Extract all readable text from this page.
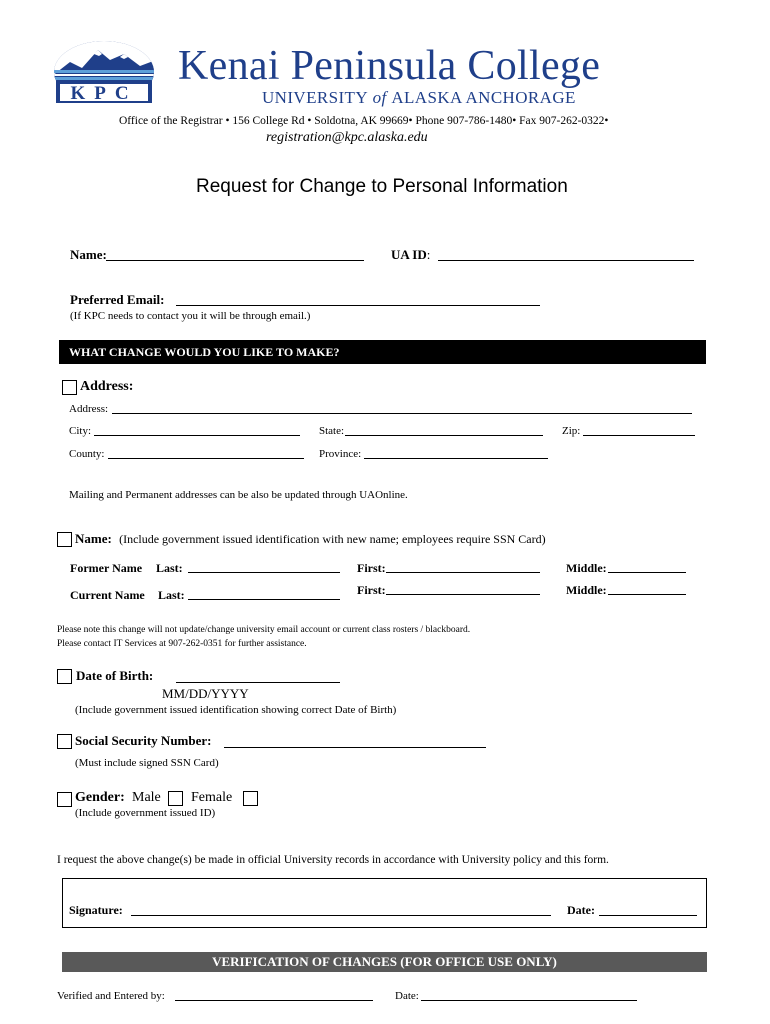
KPC
Kenai Peninsula College
UNIVERSITY of ALASKA ANCHORAGE
Office of the Registrar • 156 College Rd • Soldotna, AK 99669• Phone 907-786-1480• Fax 907-262-0322•
registration@kpc.alaska.edu
Request for Change to Personal Information
Name:	UA ID:
Preferred Email:
(If KPC needs to contact you it will be through email.)
WHAT CHANGE WOULD YOU LIKE TO MAKE?
Address:
Address:
City:	State:	Zip:
County:	Province:
Mailing and Permanent addresses can be also be updated through UAOnline.
Name: (Include government issued identification with new name; employees require SSN Card)
Former Name Last:	First:	Middle:
Current Name Last:	First:	Middle:
Please note this change will not update/change university email account or current class rosters / blackboard.
Please contact IT Services at 907-262-0351 for further assistance.
Date of Birth:
MM/DD/YYYY
(Include government issued identification showing correct Date of Birth)
Social Security Number:
(Must include signed SSN Card)
Gender: Male Female
(Include government issued ID)
I request the above change(s) be made in official University records in accordance with University policy and this form.
Signature:	Date:
VERIFICATION OF CHANGES (FOR OFFICE USE ONLY)
Verified and Entered by:	Date:
